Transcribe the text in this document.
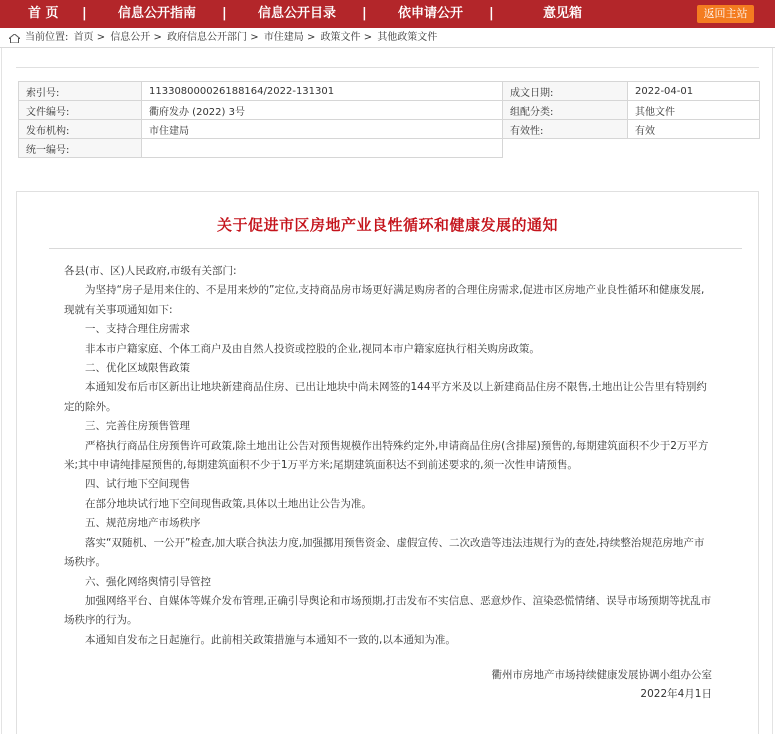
首 页 | 信息公开指南 | 信息公开目录 | 依申请公开 |	意见箱	返回主站
当前位置: 首页 > 信息公开 > 政府信息公开部门 > 市住建局 > 政策文件 > 其他政策文件
索引号:	113308000026188164/2022-131301	成文日期:	2022-04-01
文件编号:	衢府发办 (2022) 3号	组配分类:	其他文件
发布机构:	市住建局	有效性:	有效
统一编号:			
关于促进市区房地产业良性循环和健康发展的通知

各县(市、区)人民政府,市级有关部门:

为坚持“房子是用来住的、不是用来炒的”定位,支持商品房市场更好满足购房者的合理住房需求,促进市区房地产业良性循环和健康发展,现就有关事项通知如下:

一、支持合理住房需求

非本市户籍家庭、个体工商户及由自然人投资或控股的企业,视同本市户籍家庭执行相关购房政策。

二、优化区域限售政策

本通知发布后市区新出让地块新建商品住房、已出让地块中尚未网签的144平方米及以上新建商品住房不限售,土地出让公告里有特别约定的除外。

三、完善住房预售管理

严格执行商品住房预售许可政策,除土地出让公告对预售规模作出特殊约定外,申请商品住房(含排屋)预售的,每期建筑面积不少于2万平方米;其中申请纯排屋预售的,每期建筑面积不少于1万平方米;尾期建筑面积达不到前述要求的,须一次性申请预售。

四、试行地下空间现售

在部分地块试行地下空间现售政策,具体以土地出让公告为准。

五、规范房地产市场秩序

落实“双随机、一公开”检查,加大联合执法力度,加强挪用预售资金、虚假宣传、二次改造等违法违规行为的查处,持续整治规范房地产市场秩序。

六、强化网络舆情引导管控

加强网络平台、自媒体等媒介发布管理,正确引导舆论和市场预期,打击发布不实信息、恶意炒作、渲染恐慌情绪、误导市场预期等扰乱市场秩序的行为。

本通知自发布之日起施行。此前相关政策措施与本通知不一致的,以本通知为准。

衢州市房地产市场持续健康发展协调小组办公室
2022年4月1日
